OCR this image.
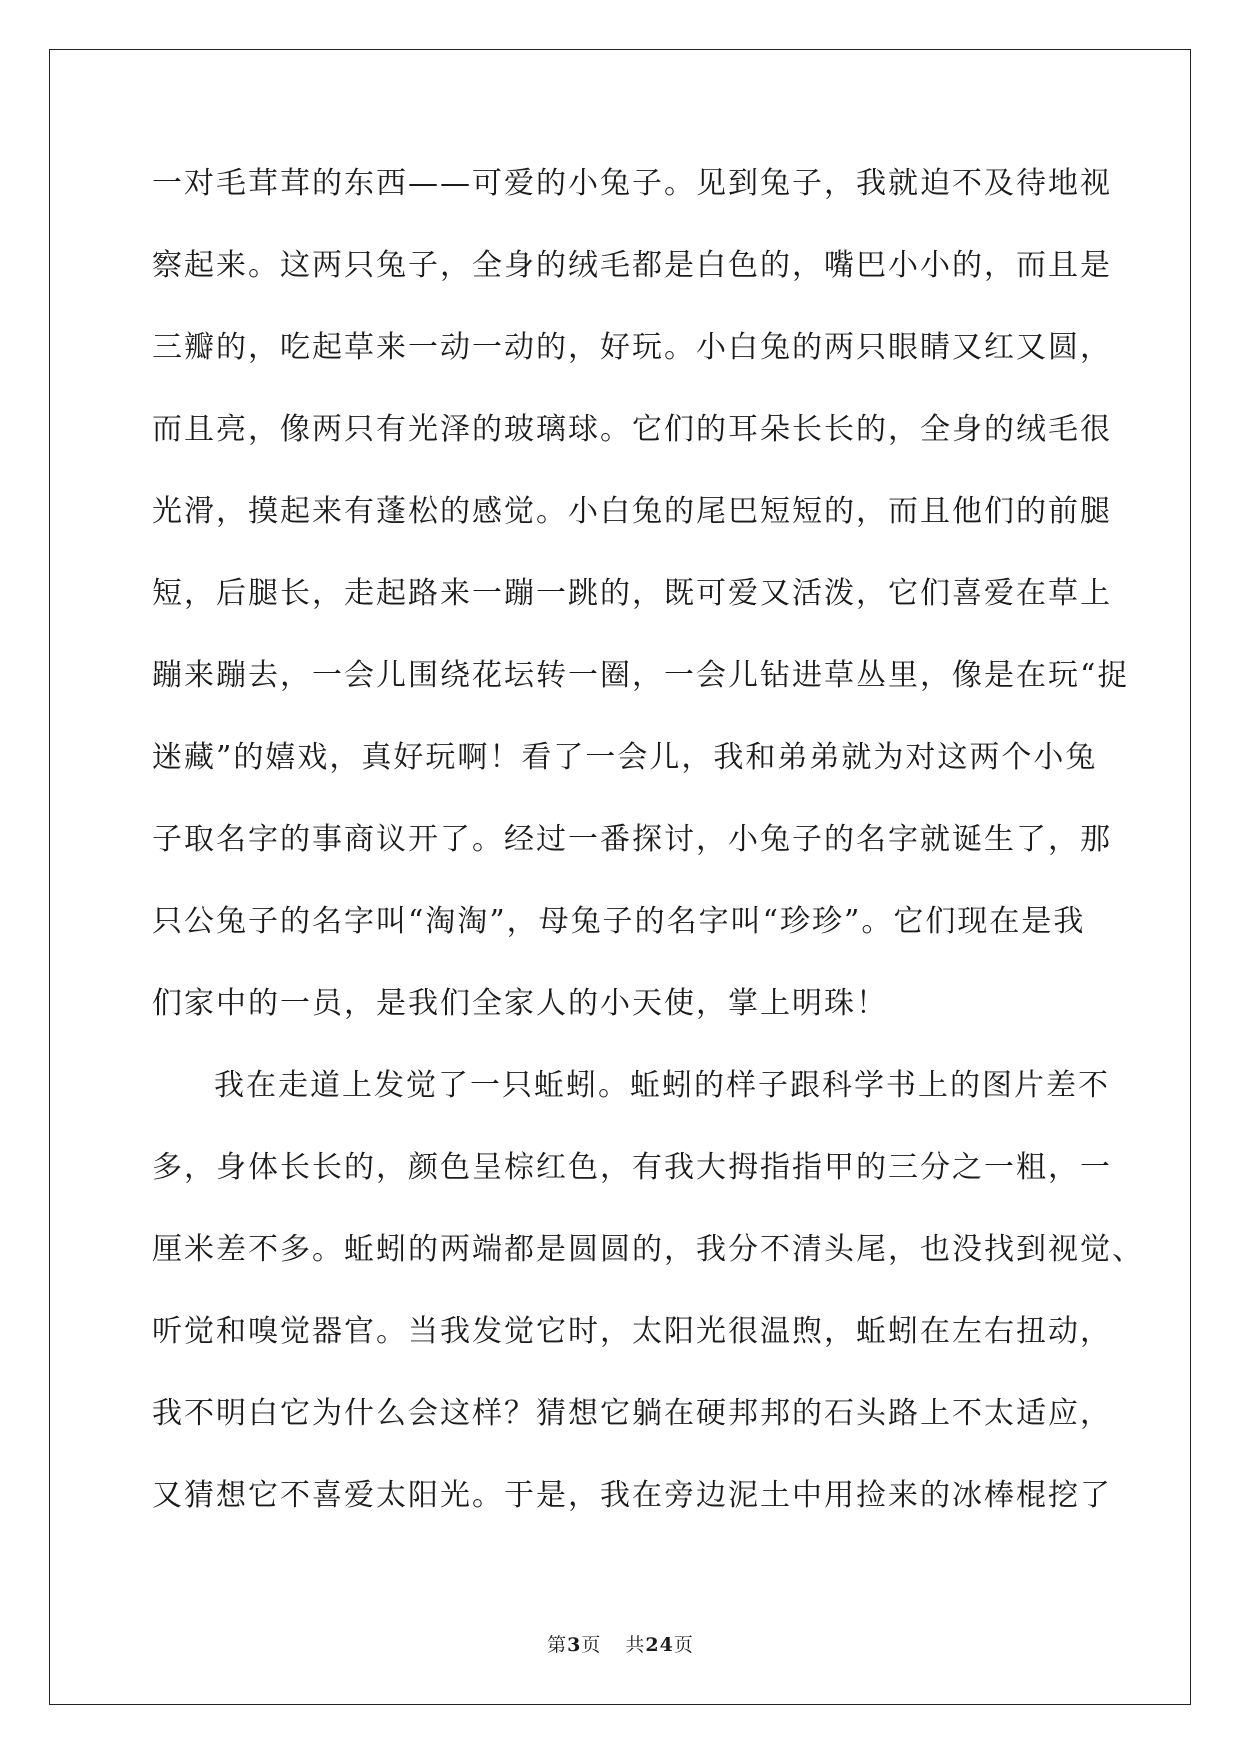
一对毛茸茸的东西——可爱的小兔子。见到兔子，我就迫不及待地视
察起来。这两只兔子，全身的绒毛都是白色的，嘴巴小小的，而且是
三瓣的，吃起草来一动一动的，好玩。小白兔的两只眼睛又红又圆，
而且亮，像两只有光泽的玻璃球。它们的耳朵长长的，全身的绒毛很
光滑，摸起来有蓬松的感觉。小白兔的尾巴短短的，而且他们的前腿
短，后腿长，走起路来一蹦一跳的，既可爱又活泼，它们喜爱在草上
蹦来蹦去，一会儿围绕花坛转一圈，一会儿钻进草丛里，像是在玩“捉
迷藏”的嬉戏，真好玩啊！看了一会儿，我和弟弟就为对这两个小兔
子取名字的事商议开了。经过一番探讨，小兔子的名字就诞生了，那
只公兔子的名字叫“淘淘”，母兔子的名字叫“珍珍”。它们现在是我
们家中的一员，是我们全家人的小天使，掌上明珠！
我在走道上发觉了一只蚯蚓。蚯蚓的样子跟科学书上的图片差不
多，身体长长的，颜色呈棕红色，有我大拇指指甲的三分之一粗，一
厘米差不多。蚯蚓的两端都是圆圆的，我分不清头尾，也没找到视觉、
听觉和嗅觉器官。当我发觉它时，太阳光很温煦，蚯蚓在左右扭动，
我不明白它为什么会这样？猜想它躺在硬邦邦的石头路上不太适应，
又猜想它不喜爱太阳光。于是，我在旁边泥土中用捡来的冰棒棍挖了
第3页 共24页
